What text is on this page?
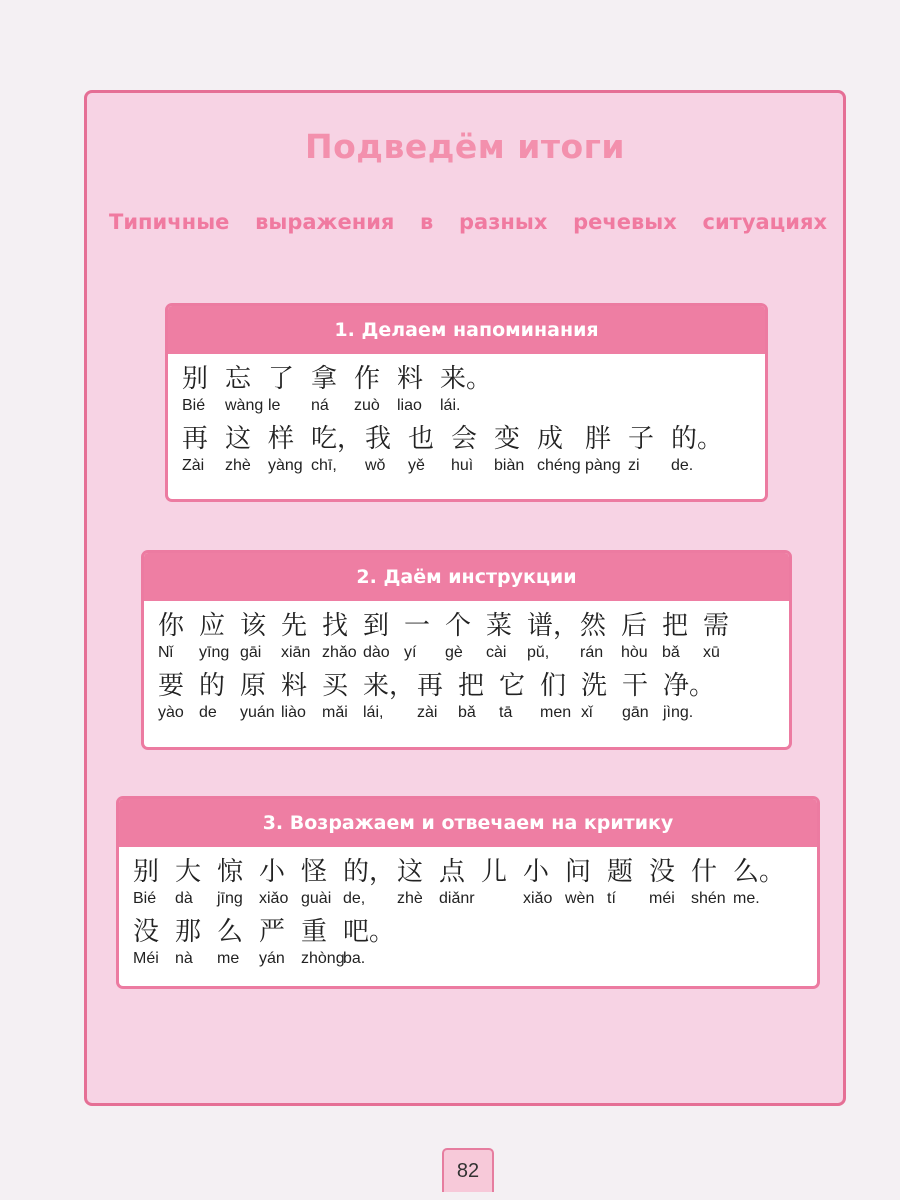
Подведём итоги
Типичные выражения в разных речевых ситуациях
1. Делаем напоминания
别
Bié
忘
wàng
了
le
拿
ná
作
zuò
料
liao
来。
lái.
再
Zài
这
zhè
样
yàng
吃，
chī,
我
wǒ
也
yě
会
huì
变
biàn
成
chéng
胖
pàng
子
zi
的。
de.
2. Даём инструкции
你
Nǐ
应
yīng
该
gāi
先
xiān
找
zhǎo
到
dào
一
yí
个
gè
菜
cài
谱，
pǔ,
然
rán
后
hòu
把
bǎ
需
xū
要
yào
的
de
原
yuán
料
liào
买
mǎi
来，
lái,
再
zài
把
bǎ
它
tā
们
men
洗
xǐ
干
gān
净。
jìng.
3. Возражаем и отвечаем на критику
别
Bié
大
dà
惊
jīng
小
xiǎo
怪
guài
的，
de,
这
zhè
点
diǎnr
儿 小
xiǎo
问
wèn
题
tí
没
méi
什
shén
么。
me.
没
Méi
那
nà
么
me
严
yán
重
zhòng
吧。
ba.
82
